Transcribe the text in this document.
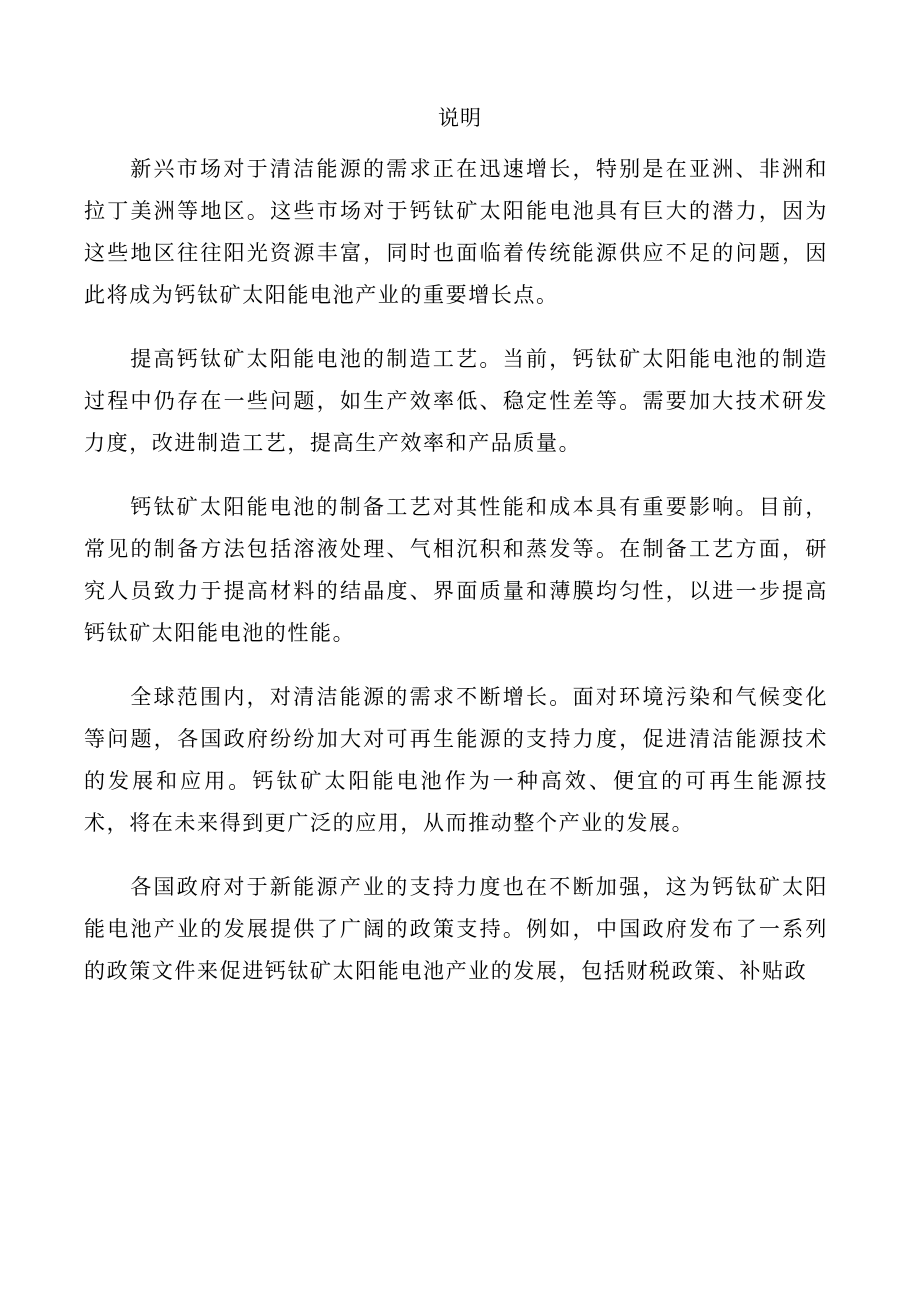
说明

新兴市场对于清洁能源的需求正在迅速增长，特别是在亚洲、非洲和拉丁美洲等地区。这些市场对于钙钛矿太阳能电池具有巨大的潜力，因为这些地区往往阳光资源丰富，同时也面临着传统能源供应不足的问题，因此将成为钙钛矿太阳能电池产业的重要增长点。

提高钙钛矿太阳能电池的制造工艺。当前，钙钛矿太阳能电池的制造过程中仍存在一些问题，如生产效率低、稳定性差等。需要加大技术研发力度，改进制造工艺，提高生产效率和产品质量。

钙钛矿太阳能电池的制备工艺对其性能和成本具有重要影响。目前，常见的制备方法包括溶液处理、气相沉积和蒸发等。在制备工艺方面，研究人员致力于提高材料的结晶度、界面质量和薄膜均匀性，以进一步提高钙钛矿太阳能电池的性能。

全球范围内，对清洁能源的需求不断增长。面对环境污染和气候变化等问题，各国政府纷纷加大对可再生能源的支持力度，促进清洁能源技术的发展和应用。钙钛矿太阳能电池作为一种高效、便宜的可再生能源技术，将在未来得到更广泛的应用，从而推动整个产业的发展。

各国政府对于新能源产业的支持力度也在不断加强，这为钙钛矿太阳能电池产业的发展提供了广阔的政策支持。例如，中国政府发布了一系列的政策文件来促进钙钛矿太阳能电池产业的发展，包括财税政策、补贴政
